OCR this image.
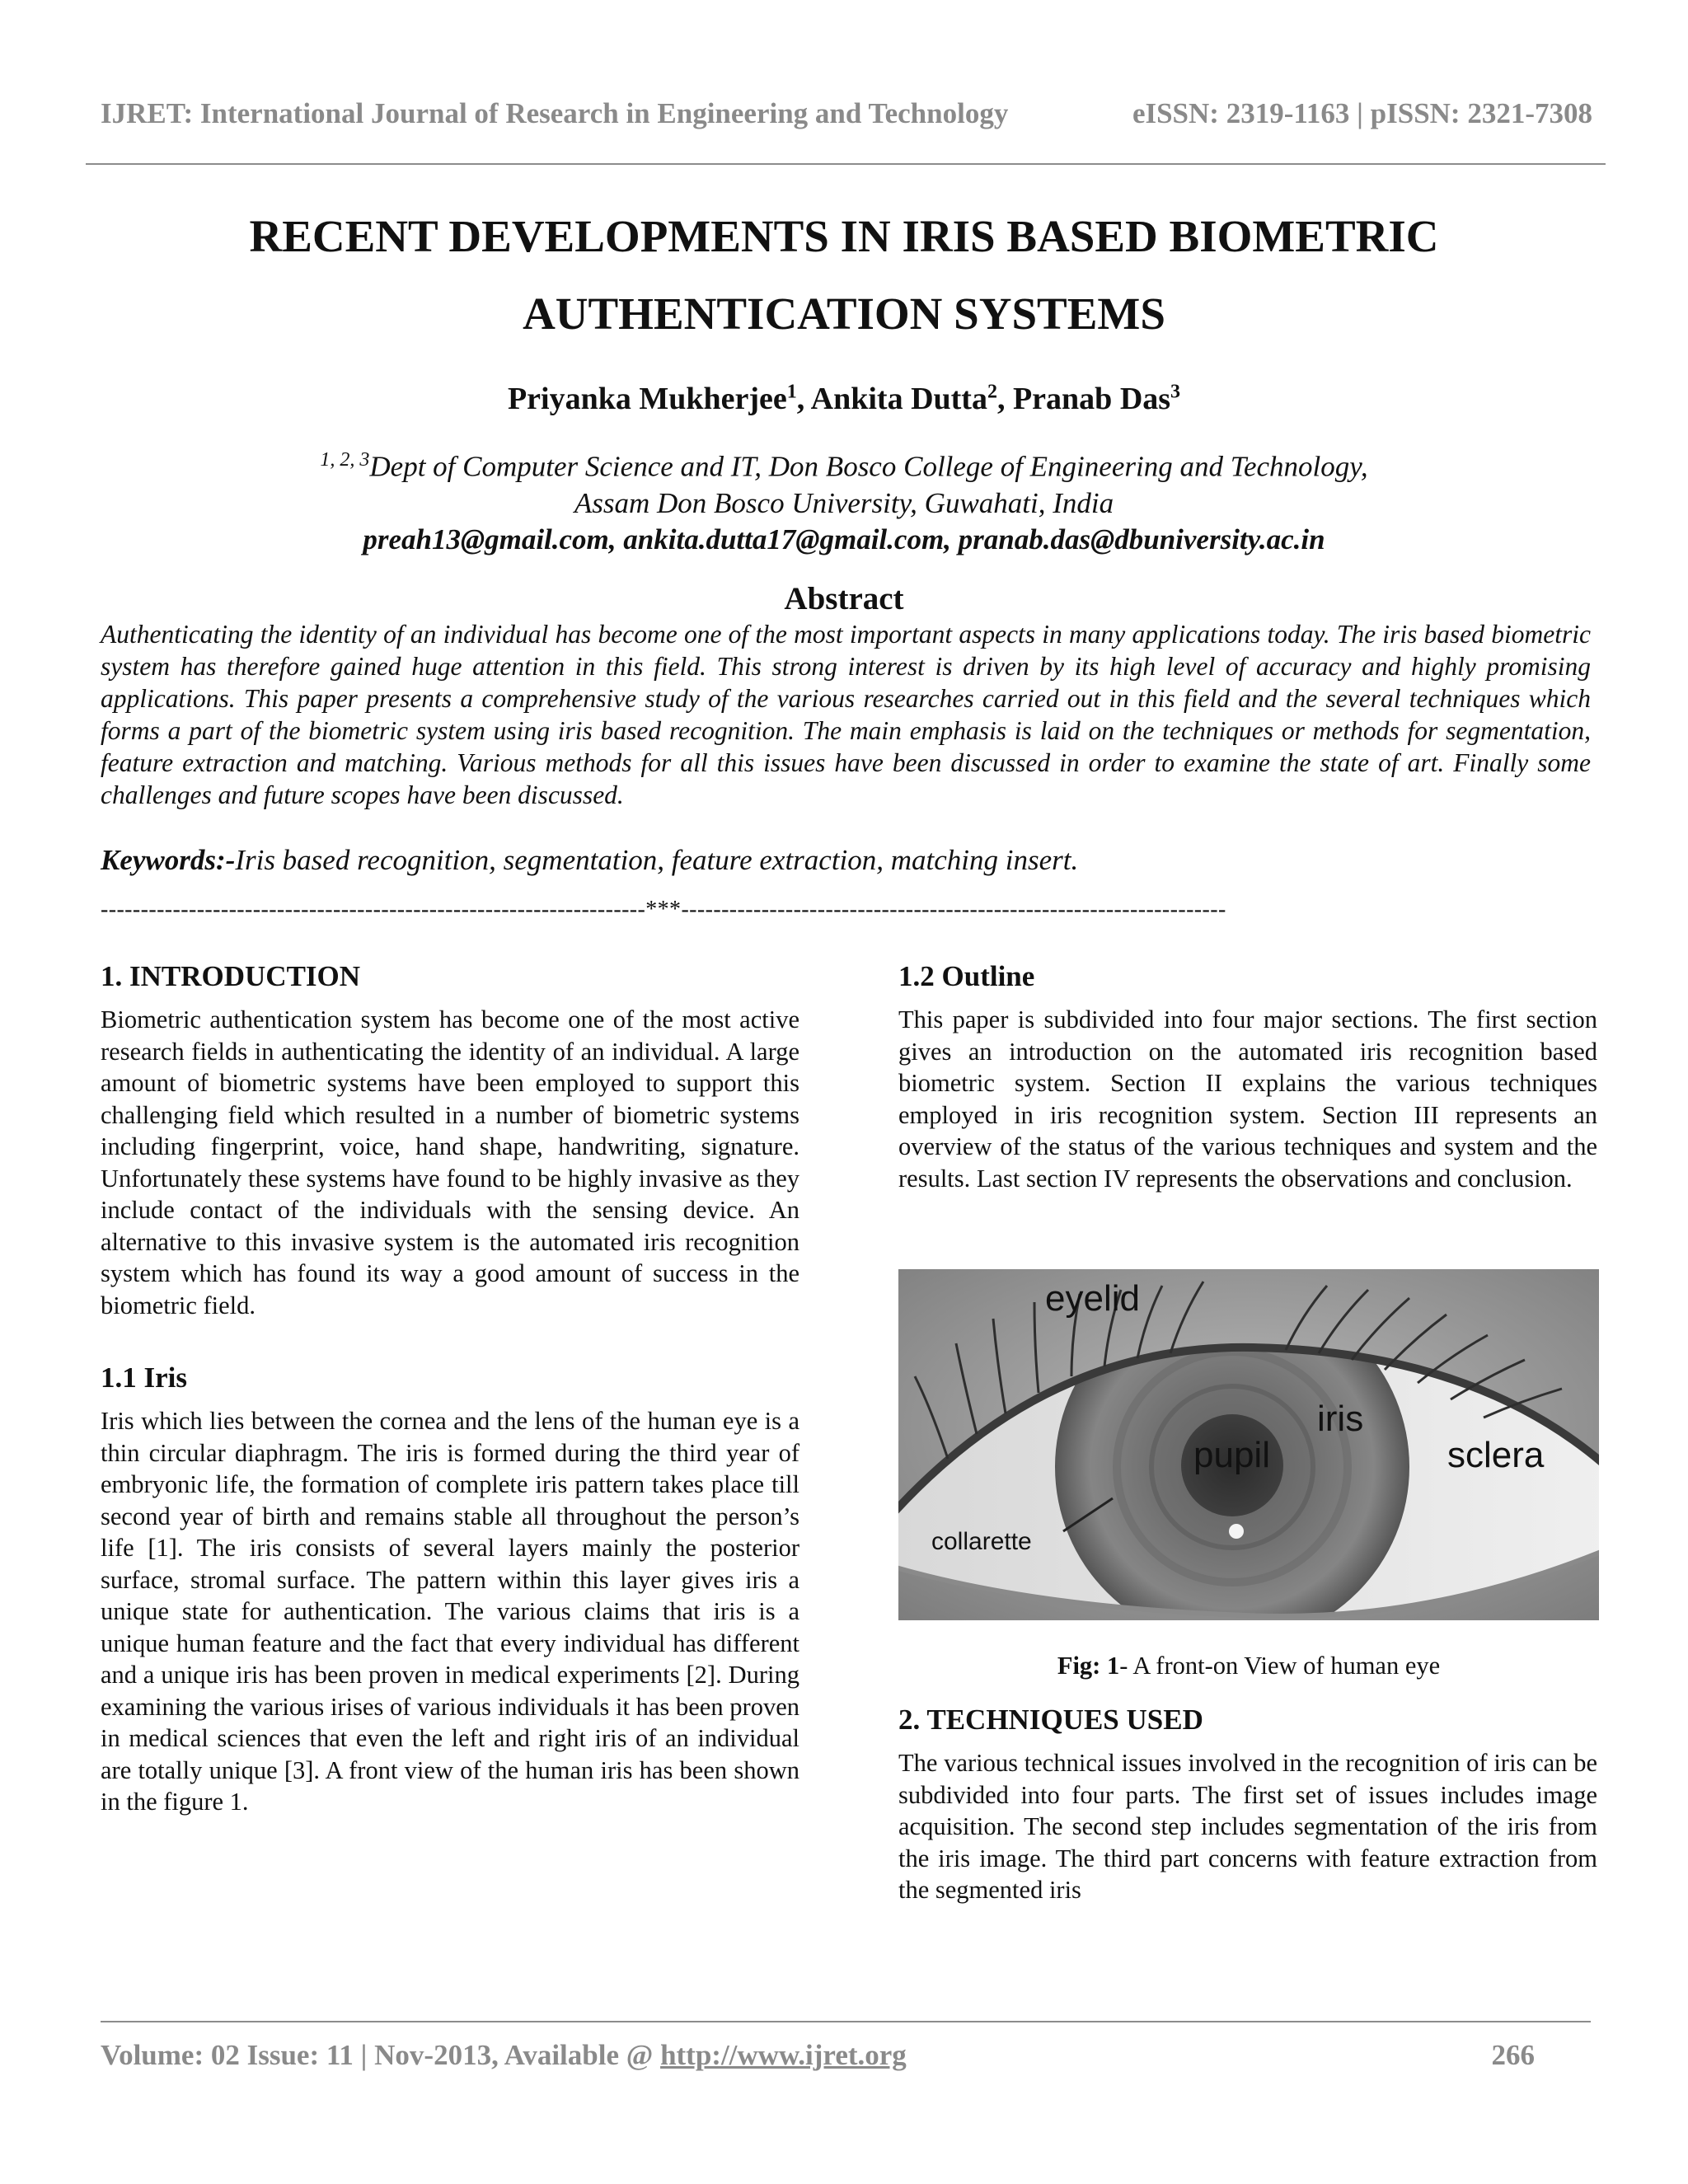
IJRET: International Journal of Research in Engineering and Technology	eISSN: 2319-1163 | pISSN: 2321-7308
RECENT DEVELOPMENTS IN IRIS BASED BIOMETRIC
AUTHENTICATION SYSTEMS
Priyanka Mukherjee$^1$, Ankita Dutta$^2$, Pranab Das$^3$
$^{1, 2, 3}$Dept of Computer Science and IT, Don Bosco College of Engineering and Technology,
Assam Don Bosco University, Guwahati, India
preah13@gmail.com, ankita.dutta17@gmail.com, pranab.das@dbuniversity.ac.in
Abstract
Authenticating the identity of an individual has become one of the most important aspects in many applications today. The iris based biometric system has therefore gained huge attention in this field. This strong interest is driven by its high level of accuracy and highly promising applications. This paper presents a comprehensive study of the various researches carried out in this field and the several techniques which forms a part of the biometric system using iris based recognition. The main emphasis is laid on the techniques or methods for segmentation, feature extraction and matching. Various methods for all this issues have been discussed in order to examine the state of art. Finally some challenges and future scopes have been discussed.
Keywords:-Iris based recognition, segmentation, feature extraction, matching insert.
--------------------------------------------------------------------***--------------------------------------------------------------------
1. INTRODUCTION

Biometric authentication system has become one of the most active research fields in authenticating the identity of an individual. A large amount of biometric systems have been employed to support this challenging field which resulted in a number of biometric systems including fingerprint, voice, hand shape, handwriting, signature. Unfortunately these systems have found to be highly invasive as they include contact of the individuals with the sensing device. An alternative to this invasive system is the automated iris recognition system which has found its way a good amount of success in the biometric field.

1.1 Iris

Iris which lies between the cornea and the lens of the human eye is a thin circular diaphragm. The iris is formed during the third year of embryonic life, the formation of complete iris pattern takes place till second year of birth and remains stable all throughout the person’s life [1]. The iris consists of several layers mainly the posterior surface, stromal surface. The pattern within this layer gives iris a unique state for authentication. The various claims that iris is a unique human feature and the fact that every individual has different and a unique iris has been proven in medical experiments [2]. During examining the various irises of various individuals it has been proven in medical sciences that even the left and right iris of an individual are totally unique [3]. A front view of the human iris has been shown in the figure 1.

1.2 Outline

This paper is subdivided into four major sections. The first section gives an introduction on the automated iris recognition based biometric system. Section II explains the various techniques employed in iris recognition system. Section III represents an overview of the status of the various techniques and system and the results. Last section IV represents the observations and conclusion.

eyelid
pupil
iris
sclera
collarette
Fig: 1- A front-on View of human eye
2. TECHNIQUES USED

The various technical issues involved in the recognition of iris can be subdivided into four parts. The first set of issues includes image acquisition. The second step includes segmentation of the iris from the iris image. The third part concerns with feature extraction from the segmented iris

Volume: 02 Issue: 11 | Nov-2013, Available @ http://www.ijret.org	266
